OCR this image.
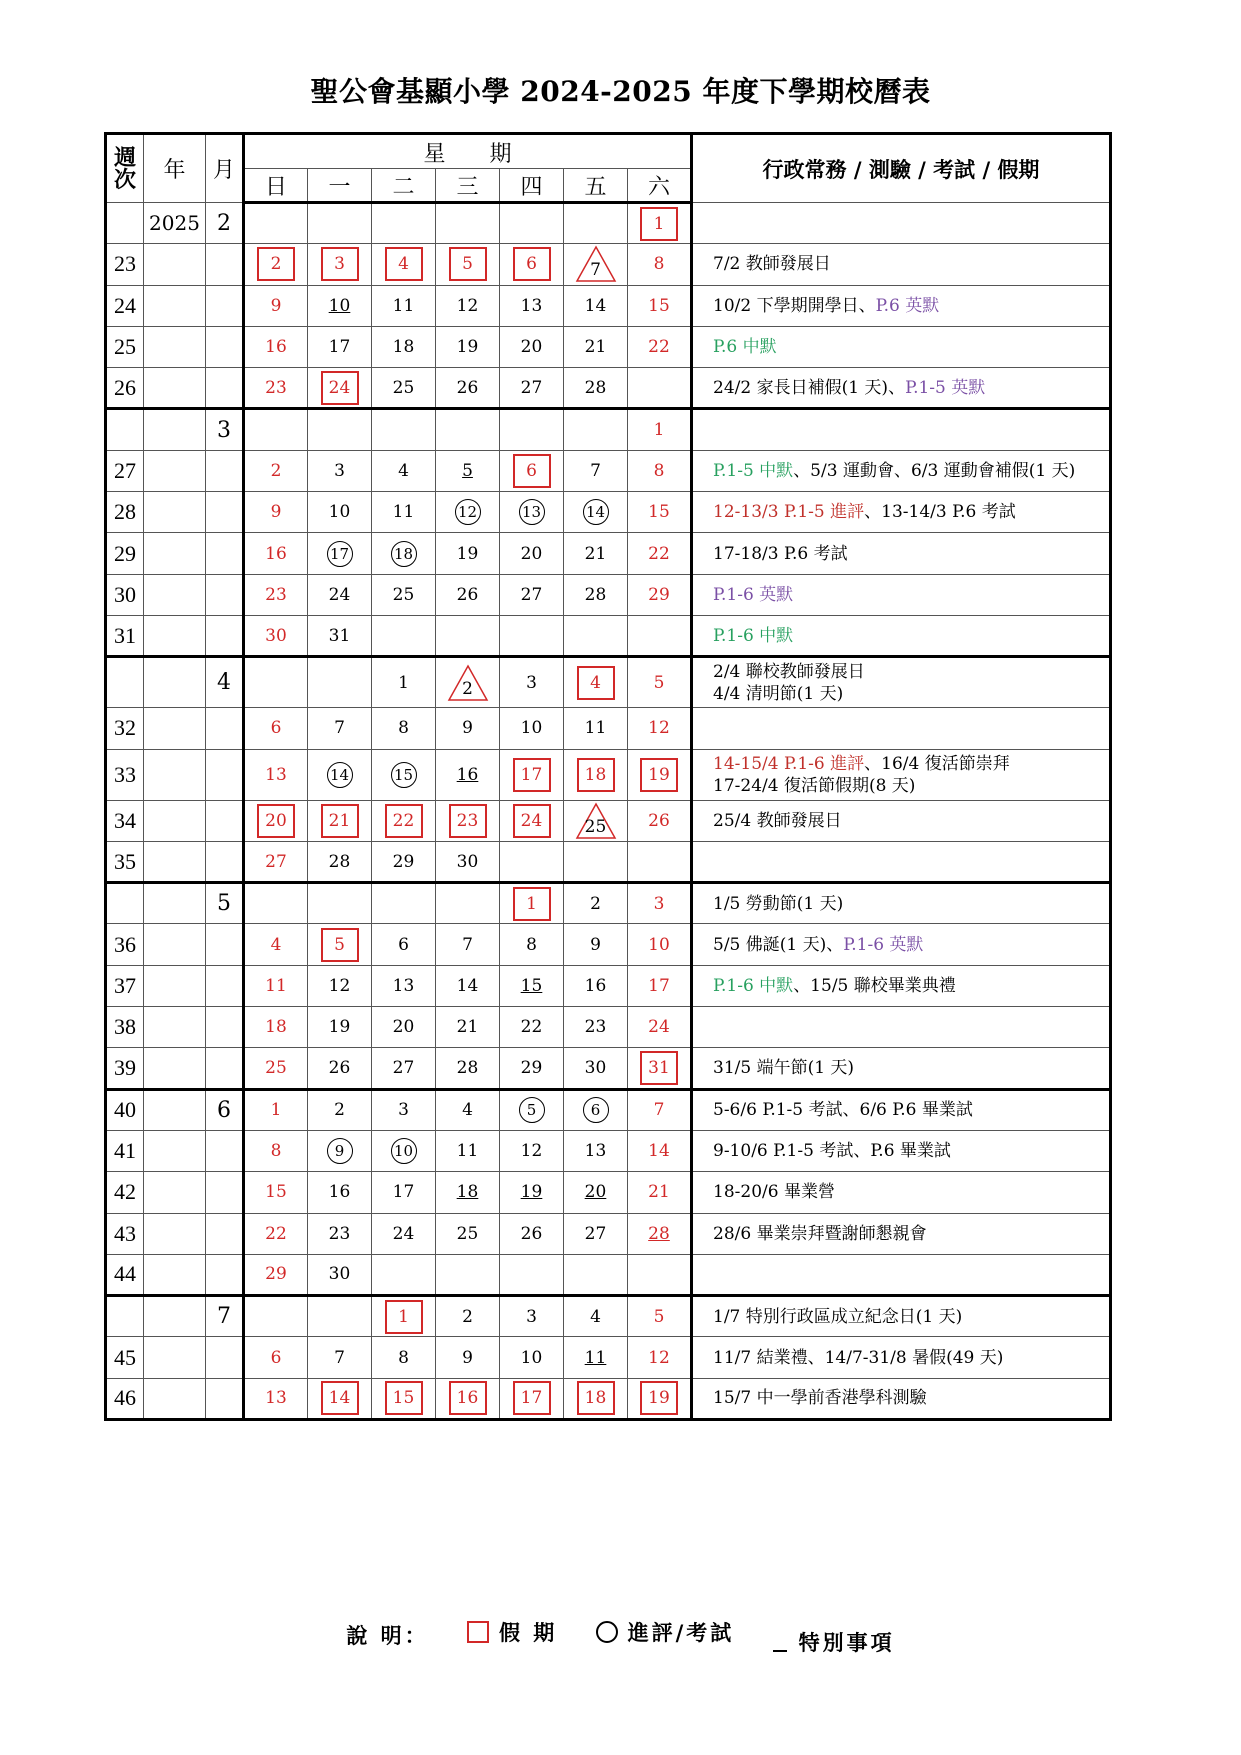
聖公會基顯小學 2024-2025 年度下學期校曆表
週次	年	月	星　　期							行政常務 / 測驗 / 考試 / 假期
			日	一	二	三	四	五	六	
	2025	2							1	
23			2	3	4	5	6	7	8	7/2 教師發展日

24			9	10	11	12	13	14	15	10/2 下學期開學日、P.6 英默

25			16	17	18	19	20	21	22	P.6 中默

26			23	24	25	26	27	28		24/2 家長日補假(1 天)、P.1-5 英默

		3							1	
27			2	3	4	5	6	7	8	P.1-5 中默、5/3 運動會、6/3 運動會補假(1 天)

28			9	10	11	12	13	14	15	12-13/3 P.1-5 進評、13-14/3 P.6 考試

29			16	17	18	19	20	21	22	17-18/3 P.6 考試

30			23	24	25	26	27	28	29	P.1-6 英默

31			30	31						P.1-6 中默

		4			1	2	3	4	5	2/4 聯校教師發展日
4/4 清明節(1 天)

32			6	7	8	9	10	11	12	
33			13	14	15	16	17	18	19	14-15/4 P.1-6 進評、16/4 復活節崇拜
17-24/4 復活節假期(8 天)

34			20	21	22	23	24	25	26	25/4 教師發展日

35			27	28	29	30				
		5					1	2	3	1/5 勞動節(1 天)

36			4	5	6	7	8	9	10	5/5 佛誕(1 天)、P.1-6 英默

37			11	12	13	14	15	16	17	P.1-6 中默、15/5 聯校畢業典禮

38			18	19	20	21	22	23	24	
39			25	26	27	28	29	30	31	31/5 端午節(1 天)

40		6	1	2	3	4	5	6	7	5-6/6 P.1-5 考試、6/6 P.6 畢業試

41			8	9	10	11	12	13	14	9-10/6 P.1-5 考試、P.6 畢業試

42			15	16	17	18	19	20	21	18-20/6 畢業營

43			22	23	24	25	26	27	28	28/6 畢業崇拜暨謝師懇親會

44			29	30						
		7			1	2	3	4	5	1/7 特別行政區成立紀念日(1 天)

45			6	7	8	9	10	11	12	11/7 結業禮、14/7-31/8 暑假(49 天)

46			13	14	15	16	17	18	19	15/7 中一學前香港學科測驗
說 明：	假 期
	進評/考試
	特別事項
